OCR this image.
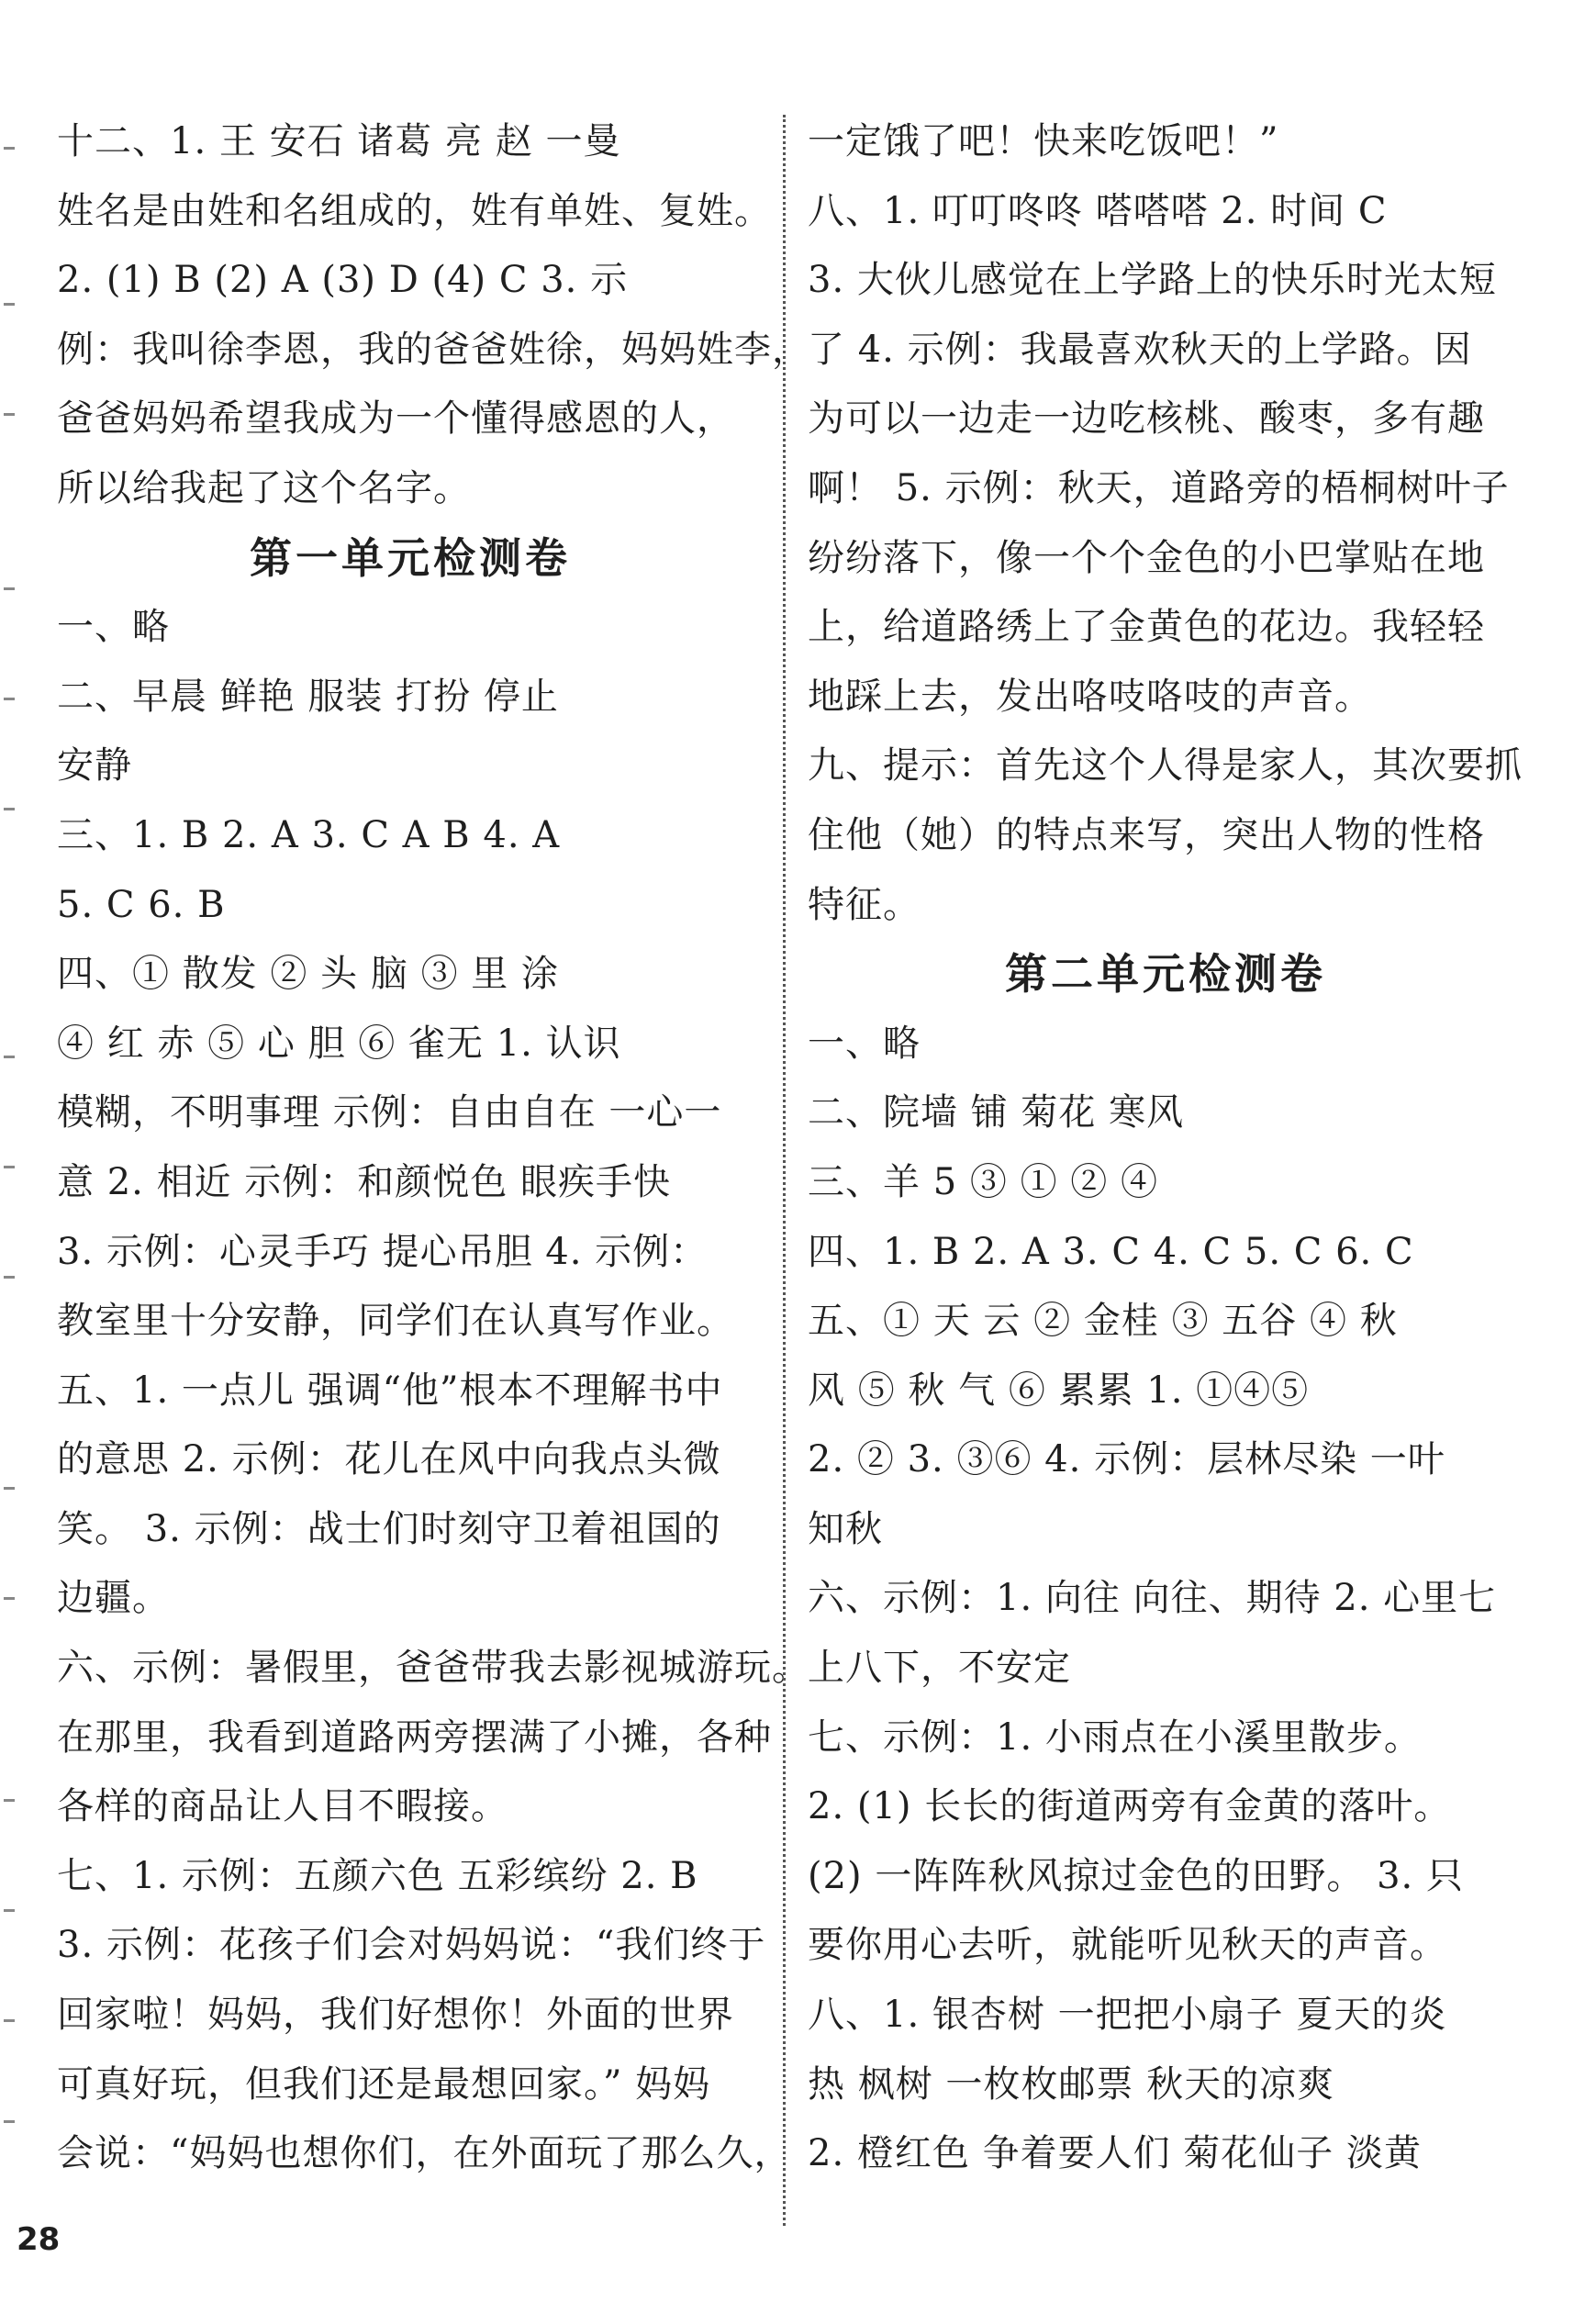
十二、1. 王 安石 诸葛 亮 赵 一曼
姓名是由姓和名组成的，姓有单姓、复姓。
2. (1) B (2) A (3) D (4) C 3. 示
例：我叫徐李恩，我的爸爸姓徐，妈妈姓李，
爸爸妈妈希望我成为一个懂得感恩的人，
所以给我起了这个名字。
第一单元检测卷
一、略
二、早晨 鲜艳 服装 打扮 停止
安静
三、1. B 2. A 3. C A B 4. A
5. C 6. B
四、① 散发 ② 头 脑 ③ 里 涂
④ 红 赤 ⑤ 心 胆 ⑥ 雀无 1. 认识
模糊，不明事理 示例：自由自在 一心一
意 2. 相近 示例：和颜悦色 眼疾手快
3. 示例：心灵手巧 提心吊胆 4. 示例：
教室里十分安静，同学们在认真写作业。
五、1. 一点儿 强调“他”根本不理解书中
的意思 2. 示例：花儿在风中向我点头微
笑。 3. 示例：战士们时刻守卫着祖国的
边疆。
六、示例：暑假里，爸爸带我去影视城游玩。
在那里，我看到道路两旁摆满了小摊，各种
各样的商品让人目不暇接。
七、1. 示例：五颜六色 五彩缤纷 2. B
3. 示例：花孩子们会对妈妈说：“我们终于
回家啦！妈妈，我们好想你！外面的世界
可真好玩，但我们还是最想回家。” 妈妈
会说：“妈妈也想你们，在外面玩了那么久，
一定饿了吧！快来吃饭吧！”
八、1. 叮叮咚咚 嗒嗒嗒 2. 时间 C
3. 大伙儿感觉在上学路上的快乐时光太短
了 4. 示例：我最喜欢秋天的上学路。因
为可以一边走一边吃核桃、酸枣，多有趣
啊！ 5. 示例：秋天，道路旁的梧桐树叶子
纷纷落下，像一个个金色的小巴掌贴在地
上，给道路绣上了金黄色的花边。我轻轻
地踩上去，发出咯吱咯吱的声音。
九、提示：首先这个人得是家人，其次要抓
住他（她）的特点来写，突出人物的性格
特征。
第二单元检测卷
一、略
二、院墙 铺 菊花 寒风
三、羊 5 ③ ① ② ④
四、1. B 2. A 3. C 4. C 5. C 6. C
五、① 天 云 ② 金桂 ③ 五谷 ④ 秋
风 ⑤ 秋 气 ⑥ 累累 1. ①④⑤
2. ② 3. ③⑥ 4. 示例：层林尽染 一叶
知秋
六、示例：1. 向往 向往、期待 2. 心里七
上八下，不安定
七、示例：1. 小雨点在小溪里散步。
2. (1) 长长的街道两旁有金黄的落叶。
(2) 一阵阵秋风掠过金色的田野。 3. 只
要你用心去听，就能听见秋天的声音。
八、1. 银杏树 一把把小扇子 夏天的炎
热 枫树 一枚枚邮票 秋天的凉爽
2. 橙红色 争着要人们 菊花仙子 淡黄
28
